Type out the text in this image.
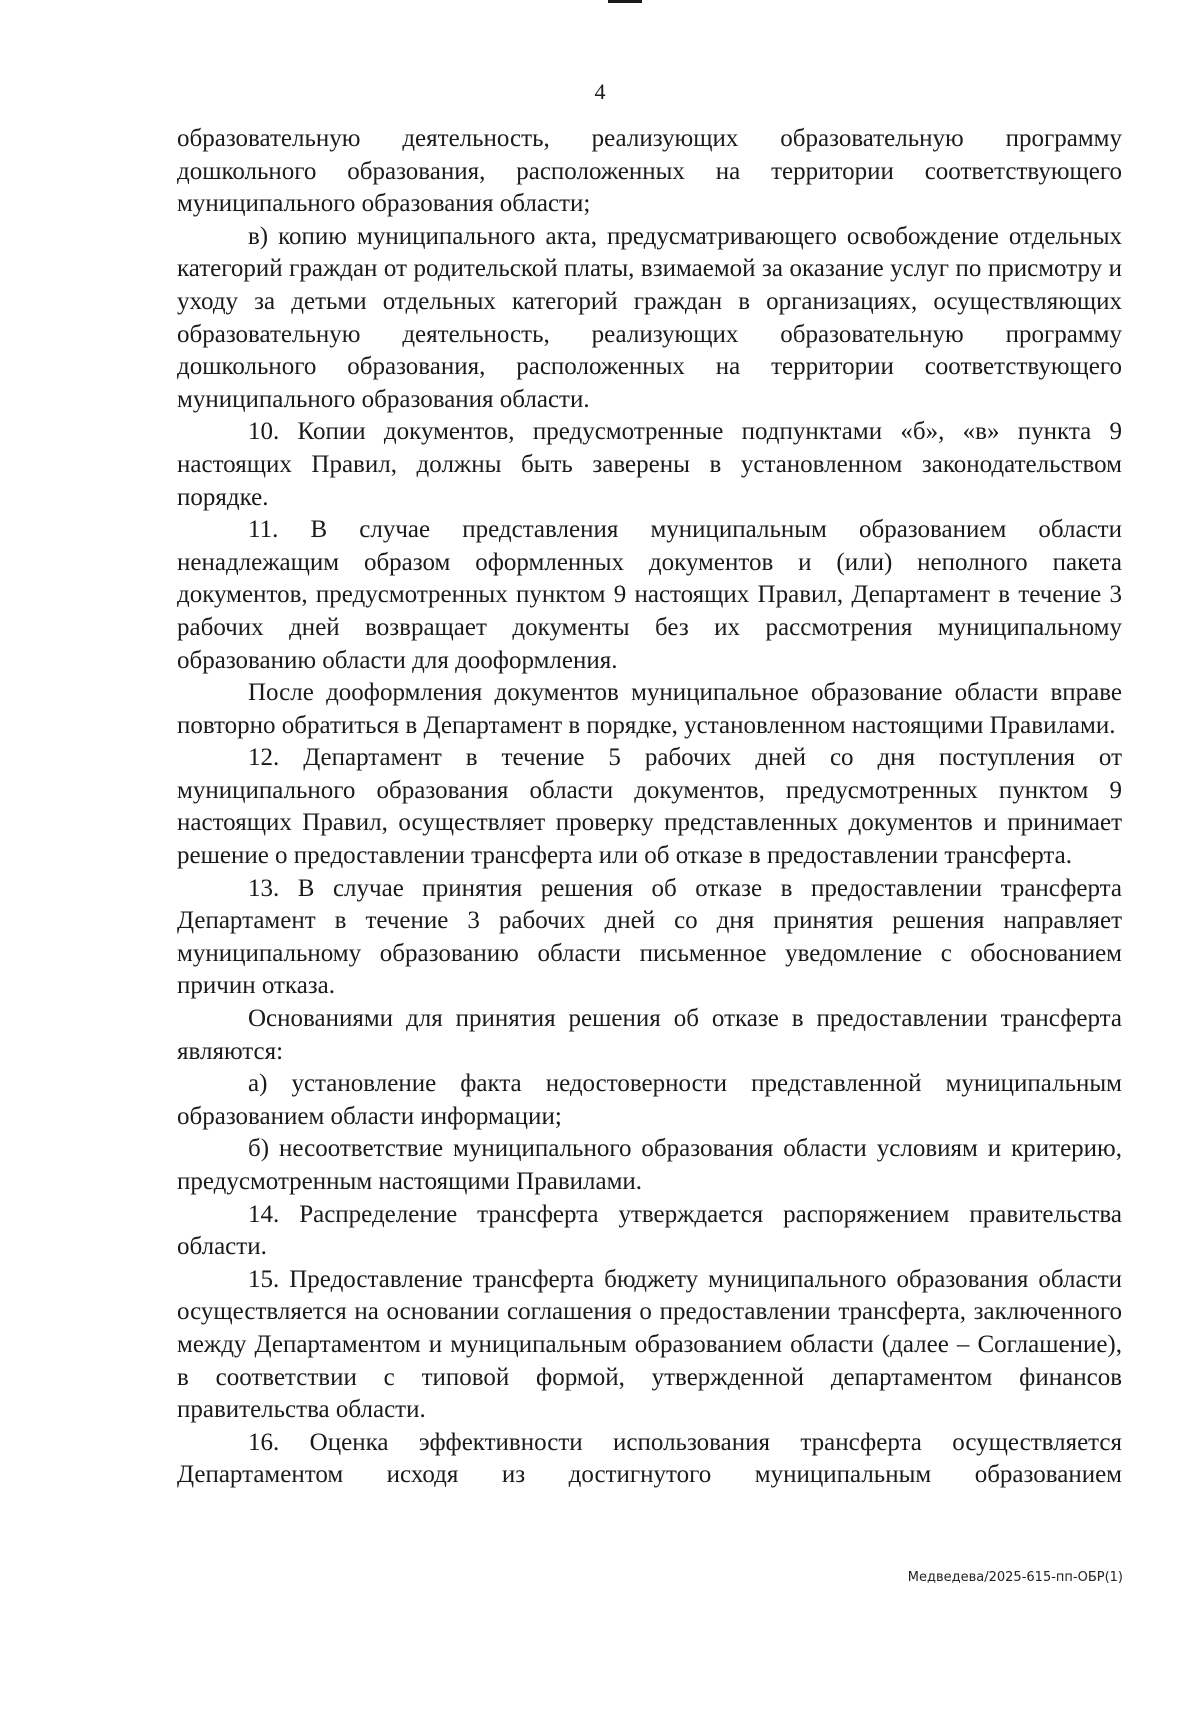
4

образовательную деятельность, реализующих образовательную программу дошкольного образования, расположенных на территории соответствующего муниципального образования области;

в) копию муниципального акта, предусматривающего освобождение отдельных категорий граждан от родительской платы, взимаемой за оказание услуг по присмотру и уходу за детьми отдельных категорий граждан в организациях, осуществляющих образовательную деятельность, реализующих образовательную программу дошкольного образования, расположенных на территории соответствующего муниципального образования области.

10. Копии документов, предусмотренные подпунктами «б», «в» пункта 9 настоящих Правил, должны быть заверены в установленном законодательством порядке.

11. В случае представления муниципальным образованием области ненадлежащим образом оформленных документов и (или) неполного пакета документов, предусмотренных пунктом 9 настоящих Правил, Департамент в течение 3 рабочих дней возвращает документы без их рассмотрения муниципальному образованию области для дооформления.

После дооформления документов муниципальное образование области вправе повторно обратиться в Департамент в порядке, установленном настоящими Правилами.

12. Департамент в течение 5 рабочих дней со дня поступления от муниципального образования области документов, предусмотренных пунктом 9 настоящих Правил, осуществляет проверку представленных документов и принимает решение о предоставлении трансферта или об отказе в предоставлении трансферта.

13. В случае принятия решения об отказе в предоставлении трансферта Департамент в течение 3 рабочих дней со дня принятия решения направляет муниципальному образованию области письменное уведомление с обоснованием причин отказа.

Основаниями для принятия решения об отказе в предоставлении трансферта являются:

а) установление факта недостоверности представленной муниципальным образованием области информации;

б) несоответствие муниципального образования области условиям и критерию, предусмотренным настоящими Правилами.

14. Распределение трансферта утверждается распоряжением правительства области.

15. Предоставление трансферта бюджету муниципального образования области осуществляется на основании соглашения о предоставлении трансферта, заключенного между Департаментом и муниципальным образованием области (далее – Соглашение), в соответствии с типовой формой, утвержденной департаментом финансов правительства области.

16. Оценка эффективности использования трансферта осуществляется Департаментом исходя из достигнутого муниципальным образованием

Медведева/2025-615-пп-ОБР(1)
